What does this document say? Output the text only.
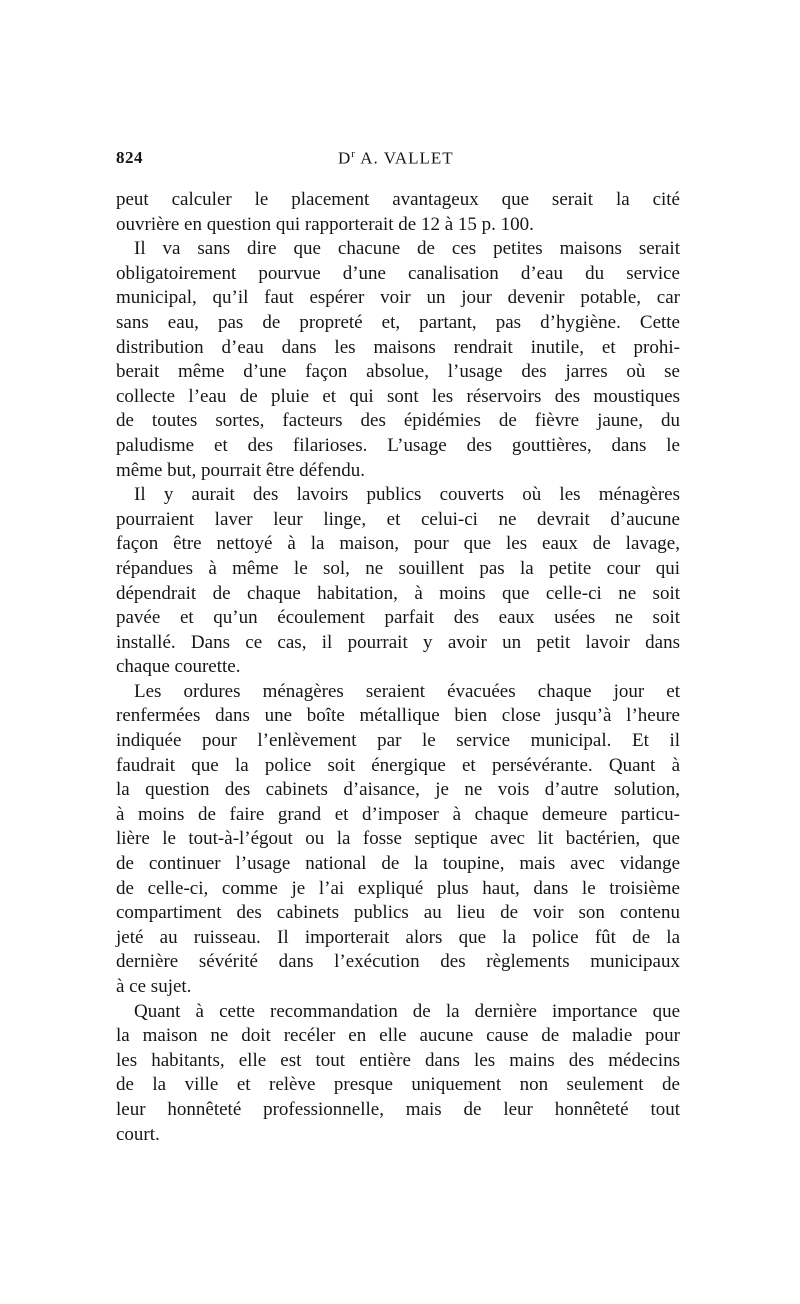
824	$D^r$ A. VALLET
peut calculer le placement avantageux que serait la cité
ouvrière en question qui rapporterait de 12 à 15 p. 100.
Il va sans dire que chacune de ces petites maisons serait
obligatoirement pourvue d’une canalisation d’eau du service
municipal, qu’il faut espérer voir un jour devenir potable, car
sans eau, pas de propreté et, partant, pas d’hygiène. Cette
distribution d’eau dans les maisons rendrait inutile, et prohi-
berait même d’une façon absolue, l’usage des jarres où se
collecte l’eau de pluie et qui sont les réservoirs des moustiques
de toutes sortes, facteurs des épidémies de fièvre jaune, du
paludisme et des filarioses. L’usage des gouttières, dans le
même but, pourrait être défendu.
Il y aurait des lavoirs publics couverts où les ménagères
pourraient laver leur linge, et celui-ci ne devrait d’aucune
façon être nettoyé à la maison, pour que les eaux de lavage,
répandues à même le sol, ne souillent pas la petite cour qui
dépendrait de chaque habitation, à moins que celle-ci ne soit
pavée et qu’un écoulement parfait des eaux usées ne soit
installé. Dans ce cas, il pourrait y avoir un petit lavoir dans
chaque courette.
Les ordures ménagères seraient évacuées chaque jour et
renfermées dans une boîte métallique bien close jusqu’à l’heure
indiquée pour l’enlèvement par le service municipal. Et il
faudrait que la police soit énergique et persévérante. Quant à
la question des cabinets d’aisance, je ne vois d’autre solution,
à moins de faire grand et d’imposer à chaque demeure particu-
lière le tout-à-l’égout ou la fosse septique avec lit bactérien, que
de continuer l’usage national de la toupine, mais avec vidange
de celle-ci, comme je l’ai expliqué plus haut, dans le troisième
compartiment des cabinets publics au lieu de voir son contenu
jeté au ruisseau. Il importerait alors que la police fût de la
dernière sévérité dans l’exécution des règlements municipaux
à ce sujet.
Quant à cette recommandation de la dernière importance que
la maison ne doit recéler en elle aucune cause de maladie pour
les habitants, elle est tout entière dans les mains des médecins
de la ville et relève presque uniquement non seulement de
leur honnêteté professionnelle, mais de leur honnêteté tout
court.
